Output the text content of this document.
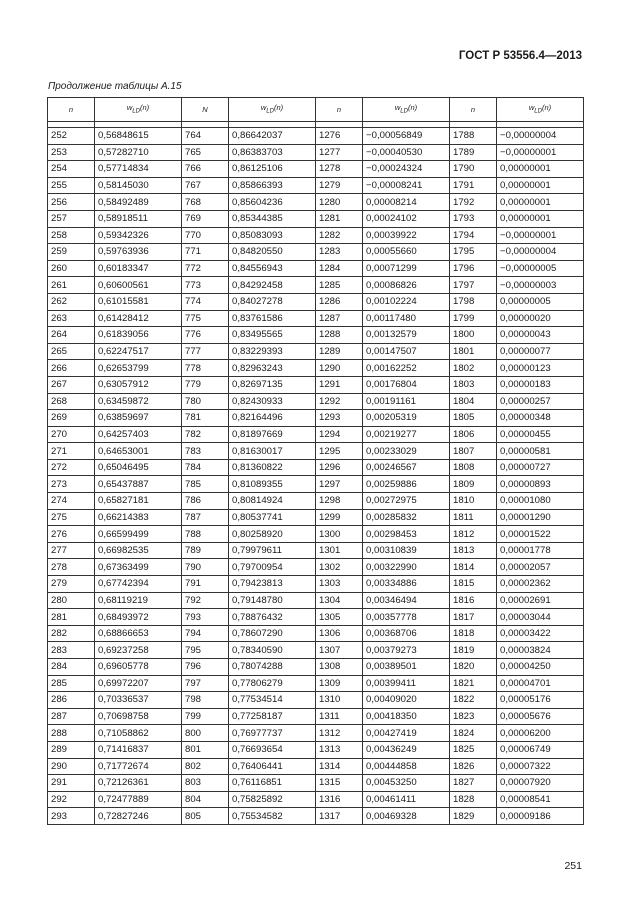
ГОСТ Р 53556.4—2013
Продолжение таблицы А.15
n	$w_{LD}(n)$	N	$w_{LD}(n)$	n	$w_{LD}(n)$	n	$w_{LD}(n)$

252	0,56848615	764	0,86642037	1276	−0,00056849	1788	−0,00000004
253	0,57282710	765	0,86383703	1277	−0,00040530	1789	−0,00000001
254	0,57714834	766	0,86125106	1278	−0,00024324	1790	0,00000001
255	0,58145030	767	0,85866393	1279	−0,00008241	1791	0,00000001
256	0,58492489	768	0,85604236	1280	0,00008214	1792	0,00000001
257	0,58918511	769	0,85344385	1281	0,00024102	1793	0,00000001
258	0,59342326	770	0,85083093	1282	0,00039922	1794	−0,00000001
259	0,59763936	771	0,84820550	1283	0,00055660	1795	−0,00000004
260	0,60183347	772	0,84556943	1284	0,00071299	1796	−0,00000005
261	0,60600561	773	0,84292458	1285	0,00086826	1797	−0,00000003
262	0,61015581	774	0,84027278	1286	0,00102224	1798	0,00000005
263	0,61428412	775	0,83761586	1287	0,00117480	1799	0,00000020
264	0,61839056	776	0,83495565	1288	0,00132579	1800	0,00000043
265	0,62247517	777	0,83229393	1289	0,00147507	1801	0,00000077
266	0,62653799	778	0,82963243	1290	0,00162252	1802	0,00000123
267	0,63057912	779	0,82697135	1291	0,00176804	1803	0,00000183
268	0,63459872	780	0,82430933	1292	0,00191161	1804	0,00000257
269	0,63859697	781	0,82164496	1293	0,00205319	1805	0,00000348
270	0,64257403	782	0,81897669	1294	0,00219277	1806	0,00000455
271	0,64653001	783	0,81630017	1295	0,00233029	1807	0,00000581
272	0,65046495	784	0,81360822	1296	0,00246567	1808	0,00000727
273	0,65437887	785	0,81089355	1297	0,00259886	1809	0,00000893
274	0,65827181	786	0,80814924	1298	0,00272975	1810	0,00001080
275	0,66214383	787	0,80537741	1299	0,00285832	1811	0,00001290
276	0,66599499	788	0,80258920	1300	0,00298453	1812	0,00001522
277	0,66982535	789	0,79979611	1301	0,00310839	1813	0,00001778
278	0,67363499	790	0,79700954	1302	0,00322990	1814	0,00002057
279	0,67742394	791	0,79423813	1303	0,00334886	1815	0,00002362
280	0,68119219	792	0,79148780	1304	0,00346494	1816	0,00002691
281	0,68493972	793	0,78876432	1305	0,00357778	1817	0,00003044
282	0,68866653	794	0,78607290	1306	0,00368706	1818	0,00003422
283	0,69237258	795	0,78340590	1307	0,00379273	1819	0,00003824
284	0,69605778	796	0,78074288	1308	0,00389501	1820	0,00004250
285	0,69972207	797	0,77806279	1309	0,00399411	1821	0,00004701
286	0,70336537	798	0,77534514	1310	0,00409020	1822	0,00005176
287	0,70698758	799	0,77258187	1311	0,00418350	1823	0,00005676
288	0,71058862	800	0,76977737	1312	0,00427419	1824	0,00006200
289	0,71416837	801	0,76693654	1313	0,00436249	1825	0,00006749
290	0,71772674	802	0,76406441	1314	0,00444858	1826	0,00007322
291	0,72126361	803	0,76116851	1315	0,00453250	1827	0,00007920
292	0,72477889	804	0,75825892	1316	0,00461411	1828	0,00008541
293	0,72827246	805	0,75534582	1317	0,00469328	1829	0,00009186
251
